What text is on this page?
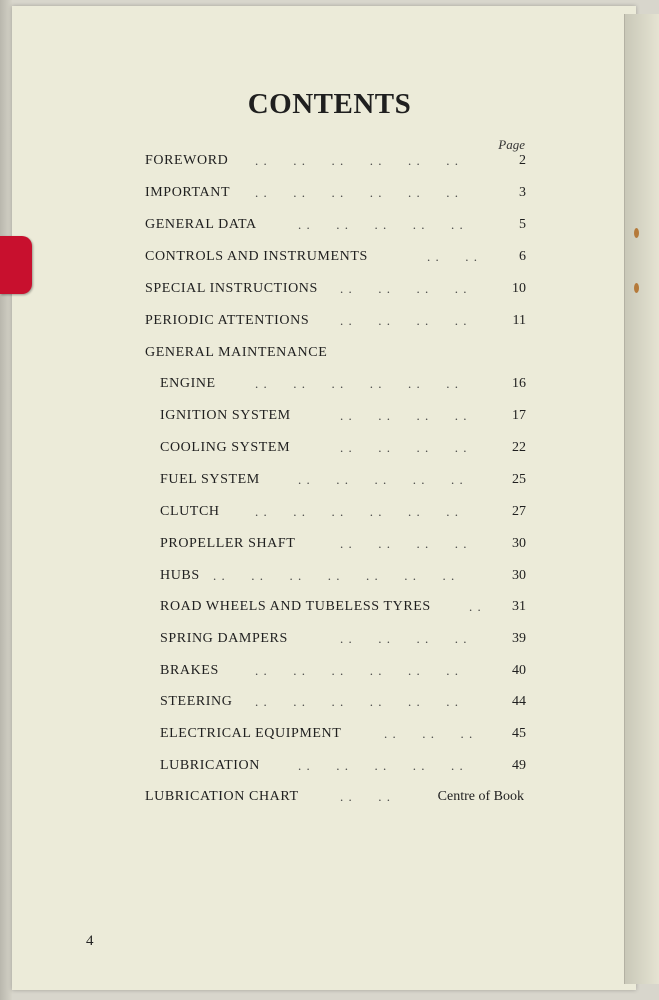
CONTENTS
Page
FOREWORD . .      . .      . .      . .      . .      . .	2
IMPORTANT . .      . .      . .      . .      . .      . .	3
GENERAL DATA	. .      . .      . .      . .      . .	5
CONTROLS AND INSTRUMENTS	. .      . .	6
SPECIAL INSTRUCTIONS . .      . .      . .      . .	10
PERIODIC ATTENTIONS . .      . .      . .      . .	11
GENERAL MAINTENANCE
ENGINE	. .      . .      . .      . .      . .      . .	16
IGNITION SYSTEM	. .      . .      . .      . .	17
COOLING SYSTEM	. .      . .      . .      . .	22
FUEL SYSTEM	. .      . .      . .      . .      . .	25
CLUTCH	. .      . .      . .      . .      . .      . .	27
PROPELLER SHAFT	. .      . .      . .      . .	30
HUBS . .      . .      . .      . .      . .      . .      . .	30
ROAD WHEELS AND TUBELESS TYRES	. . 31
SPRING DAMPERS	. .      . .      . .      . .	39
BRAKES	. .      . .      . .      . .      . .      . .	40
STEERING . .      . .      . .      . .      . .      . .	44
ELECTRICAL EQUIPMENT	. .      . .      . .	45
LUBRICATION	. .      . .      . .      . .      . .	49
LUBRICATION CHART	. .      . .	Centre of Book
4
